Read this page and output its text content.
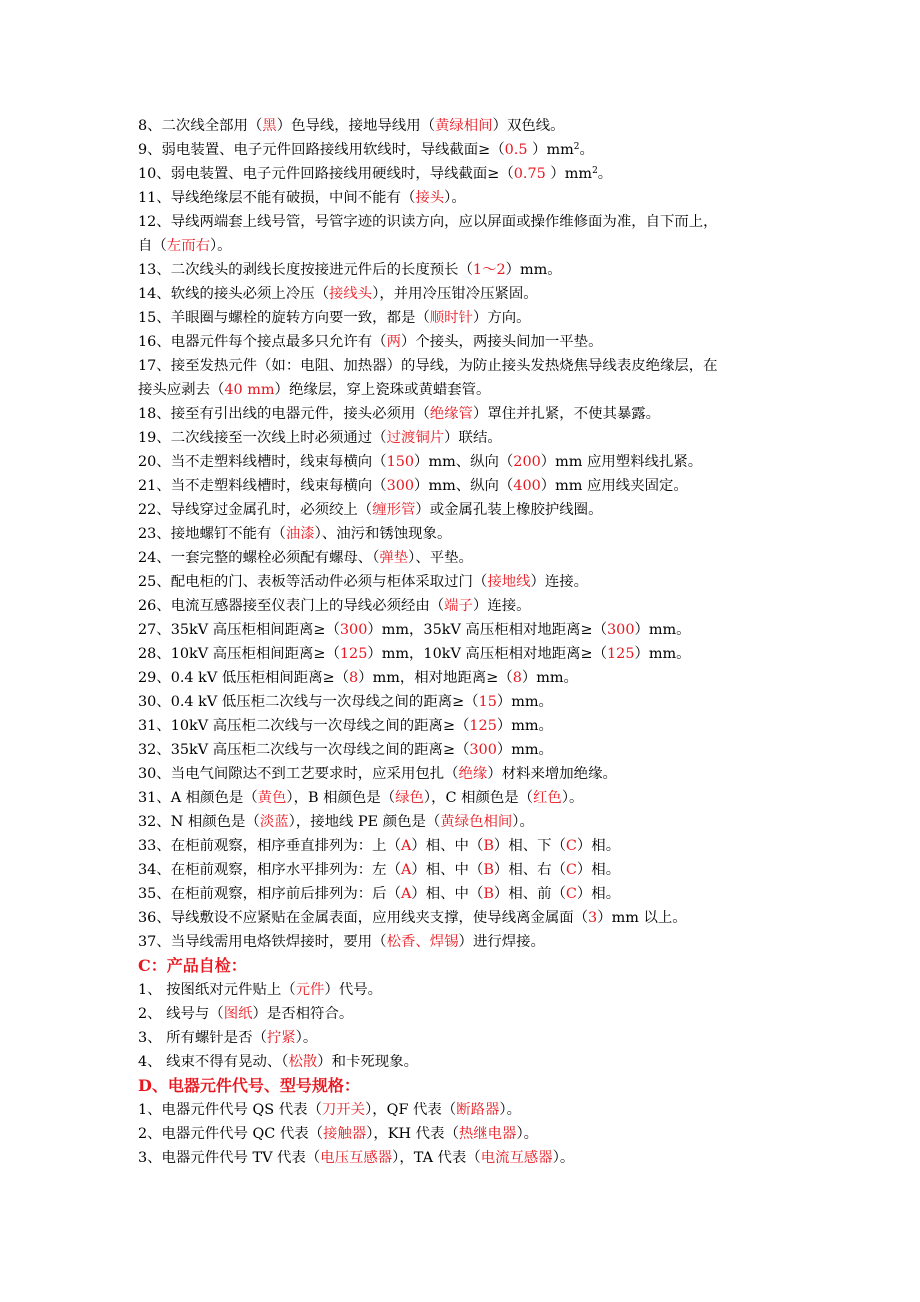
8、二次线全部用（黑）色导线，接地导线用（黄绿相间）双色线。
9、弱电装置、电子元件回路接线用软线时，导线截面≥（0.5 ）$mm^2$。
10、弱电装置、电子元件回路接线用硬线时，导线截面≥（0.75 ）$mm^2$。
11、导线绝缘层不能有破损，中间不能有（接头）。
12、导线两端套上线号管，号管字迹的识读方向，应以屏面或操作维修面为准，自下而上，
自（左而右）。
13、二次线头的剥线长度按接进元件后的长度预长（1～2）mm。
14、软线的接头必须上冷压（接线头），并用冷压钳冷压紧固。
15、羊眼圈与螺栓的旋转方向要一致，都是（顺时针）方向。
16、电器元件每个接点最多只允许有（两）个接头，两接头间加一平垫。
17、接至发热元件（如：电阻、加热器）的导线，为防止接头发热烧焦导线表皮绝缘层，在
接头应剥去（40 mm）绝缘层，穿上瓷珠或黄蜡套管。
18、接至有引出线的电器元件，接头必须用（绝缘管）罩住并扎紧，不使其暴露。
19、二次线接至一次线上时必须通过（过渡铜片）联结。
20、当不走塑料线槽时，线束每横向（150）mm、纵向（200）mm 应用塑料线扎紧。
21、当不走塑料线槽时，线束每横向（300）mm、纵向（400）mm 应用线夹固定。
22、导线穿过金属孔时，必须绞上（缠形管）或金属孔装上橡胶护线圈。
23、接地螺钉不能有（油漆）、油污和锈蚀现象。
24、一套完整的螺栓必须配有螺母、（弹垫）、平垫。
25、配电柜的门、表板等活动件必须与柜体采取过门（接地线）连接。
26、电流互感器接至仪表门上的导线必须经由（端子）连接。
27、35kV 高压柜相间距离≥（300）mm，35kV 高压柜相对地距离≥（300）mm。
28、10kV 高压柜相间距离≥（125）mm，10kV 高压柜相对地距离≥（125）mm。
29、0.4 kV 低压柜相间距离≥（8）mm，相对地距离≥（8）mm。
30、0.4 kV 低压柜二次线与一次母线之间的距离≥（15）mm。
31、10kV 高压柜二次线与一次母线之间的距离≥（125）mm。
32、35kV 高压柜二次线与一次母线之间的距离≥（300）mm。
30、当电气间隙达不到工艺要求时，应采用包扎（绝缘）材料来增加绝缘。
31、A 相颜色是（黄色），B 相颜色是（绿色），C 相颜色是（红色）。
32、N 相颜色是（淡蓝），接地线 PE 颜色是（黄绿色相间）。
33、在柜前观察，相序垂直排列为：上（A）相、中（B）相、下（C）相。
34、在柜前观察，相序水平排列为：左（A）相、中（B）相、右（C）相。
35、在柜前观察，相序前后排列为：后（A）相、中（B）相、前（C）相。
36、导线敷设不应紧贴在金属表面，应用线夹支撑，使导线离金属面（3）mm 以上。
37、当导线需用电烙铁焊接时，要用（松香、焊锡）进行焊接。
C：产品自检：
1、 按图纸对元件贴上（元件）代号。
2、 线号与（图纸）是否相符合。
3、 所有螺针是否（拧紧）。
4、 线束不得有晃动、（松散）和卡死现象。
D、电器元件代号、型号规格：
1、电器元件代号 QS 代表（刀开关），QF 代表（断路器）。
2、电器元件代号 QC 代表（接触器），KH 代表（热继电器）。
3、电器元件代号 TV 代表（电压互感器），TA 代表（电流互感器）。
